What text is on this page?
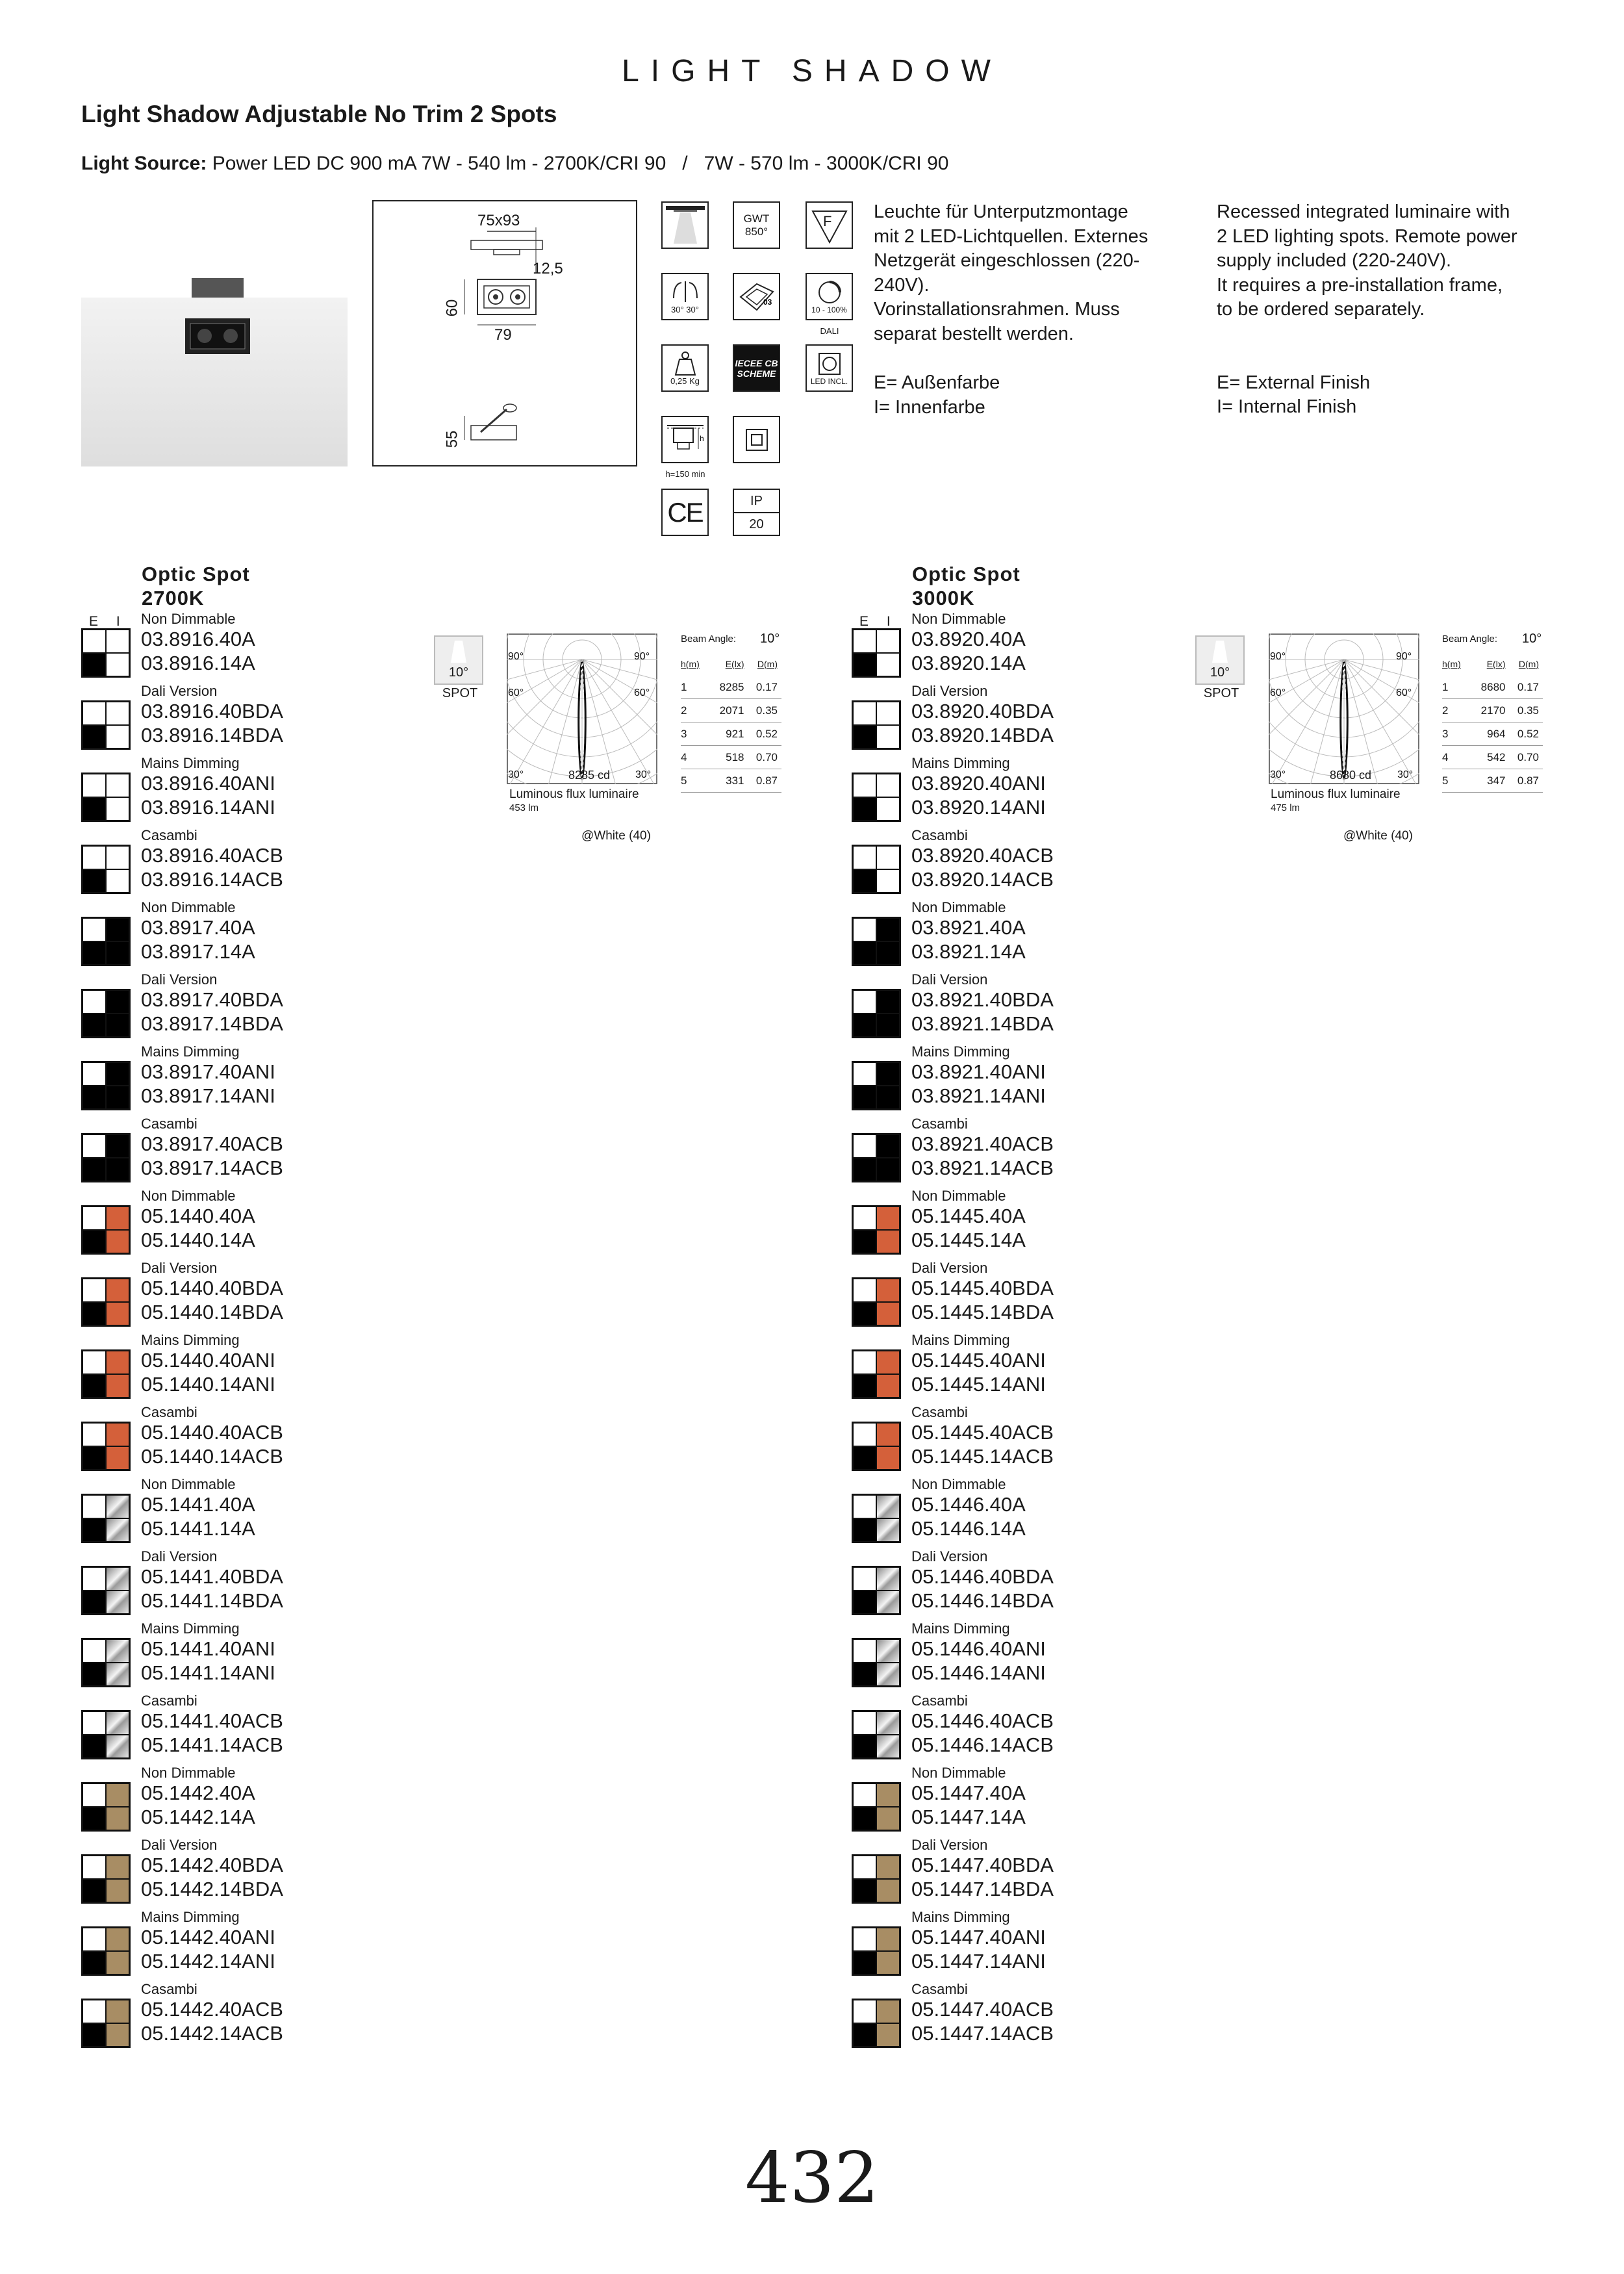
LIGHT SHADOW
Light Shadow Adjustable No Trim 2 Spots
Light Source: Power LED DC 900 mA 7W - 540 lm - 2700K/CRI 90   /   7W - 570 lm - 3000K/CRI 90
75x93
12,5
60
79
55
GWT 850°
F
30° 30°
03
10 - 100%
DALI
0,25 Kg
IECEE CB SCHEME
LED INCL.
h
h=150 min
CE	IP
20
Leuchte für Unterputzmontage
mit 2 LED-Lichtquellen. Externes
Netzgerät eingeschlossen (220-
240V).
Vorinstallationsrahmen. Muss
separat bestellt werden.
E= Außenfarbe
I= Innenfarbe
Recessed integrated luminaire with
2 LED lighting spots. Remote power
supply included (220-240V).
It requires a pre-installation frame,
to be ordered separately.
E= External Finish
I= Internal Finish
Optic Spot
2700K
E I
Optic Spot
3000K
E I
Non Dimmable
03.8916.40A
03.8916.14A
Dali Version
03.8916.40BDA
03.8916.14BDA
Mains Dimming
03.8916.40ANI
03.8916.14ANI
Casambi
03.8916.40ACB
03.8916.14ACB
Non Dimmable
03.8917.40A
03.8917.14A
Dali Version
03.8917.40BDA
03.8917.14BDA
Mains Dimming
03.8917.40ANI
03.8917.14ANI
Casambi
03.8917.40ACB
03.8917.14ACB
Non Dimmable
05.1440.40A
05.1440.14A
Dali Version
05.1440.40BDA
05.1440.14BDA
Mains Dimming
05.1440.40ANI
05.1440.14ANI
Casambi
05.1440.40ACB
05.1440.14ACB
Non Dimmable
05.1441.40A
05.1441.14A
Dali Version
05.1441.40BDA
05.1441.14BDA
Mains Dimming
05.1441.40ANI
05.1441.14ANI
Casambi
05.1441.40ACB
05.1441.14ACB
Non Dimmable
05.1442.40A
05.1442.14A
Dali Version
05.1442.40BDA
05.1442.14BDA
Mains Dimming
05.1442.40ANI
05.1442.14ANI
Casambi
05.1442.40ACB
05.1442.14ACB
Non Dimmable
03.8920.40A
03.8920.14A
Dali Version
03.8920.40BDA
03.8920.14BDA
Mains Dimming
03.8920.40ANI
03.8920.14ANI
Casambi
03.8920.40ACB
03.8920.14ACB
Non Dimmable
03.8921.40A
03.8921.14A
Dali Version
03.8921.40BDA
03.8921.14BDA
Mains Dimming
03.8921.40ANI
03.8921.14ANI
Casambi
03.8921.40ACB
03.8921.14ACB
Non Dimmable
05.1445.40A
05.1445.14A
Dali Version
05.1445.40BDA
05.1445.14BDA
Mains Dimming
05.1445.40ANI
05.1445.14ANI
Casambi
05.1445.40ACB
05.1445.14ACB
Non Dimmable
05.1446.40A
05.1446.14A
Dali Version
05.1446.40BDA
05.1446.14BDA
Mains Dimming
05.1446.40ANI
05.1446.14ANI
Casambi
05.1446.40ACB
05.1446.14ACB
Non Dimmable
05.1447.40A
05.1447.14A
Dali Version
05.1447.40BDA
05.1447.14BDA
Mains Dimming
05.1447.40ANI
05.1447.14ANI
Casambi
05.1447.40ACB
05.1447.14ACB
10°
SPOT
90°	90°
60°	60°
30°	30°
8285 cd
Luminous flux luminaire
453 lm
@White (40)
Beam Angle: 10°
h(m)	E(lx)	D(m)
1	8285	0.17
2	2071	0.35
3	921	0.52
4	518	0.70
5	331	0.87
10°
SPOT
90°	90°
60°	60°
30°	30°
8680 cd
Luminous flux luminaire
475 lm
@White (40)
Beam Angle: 10°
h(m)	E(lx)	D(m)
1	8680	0.17
2	2170	0.35
3	964	0.52
4	542	0.70
5	347	0.87
432
